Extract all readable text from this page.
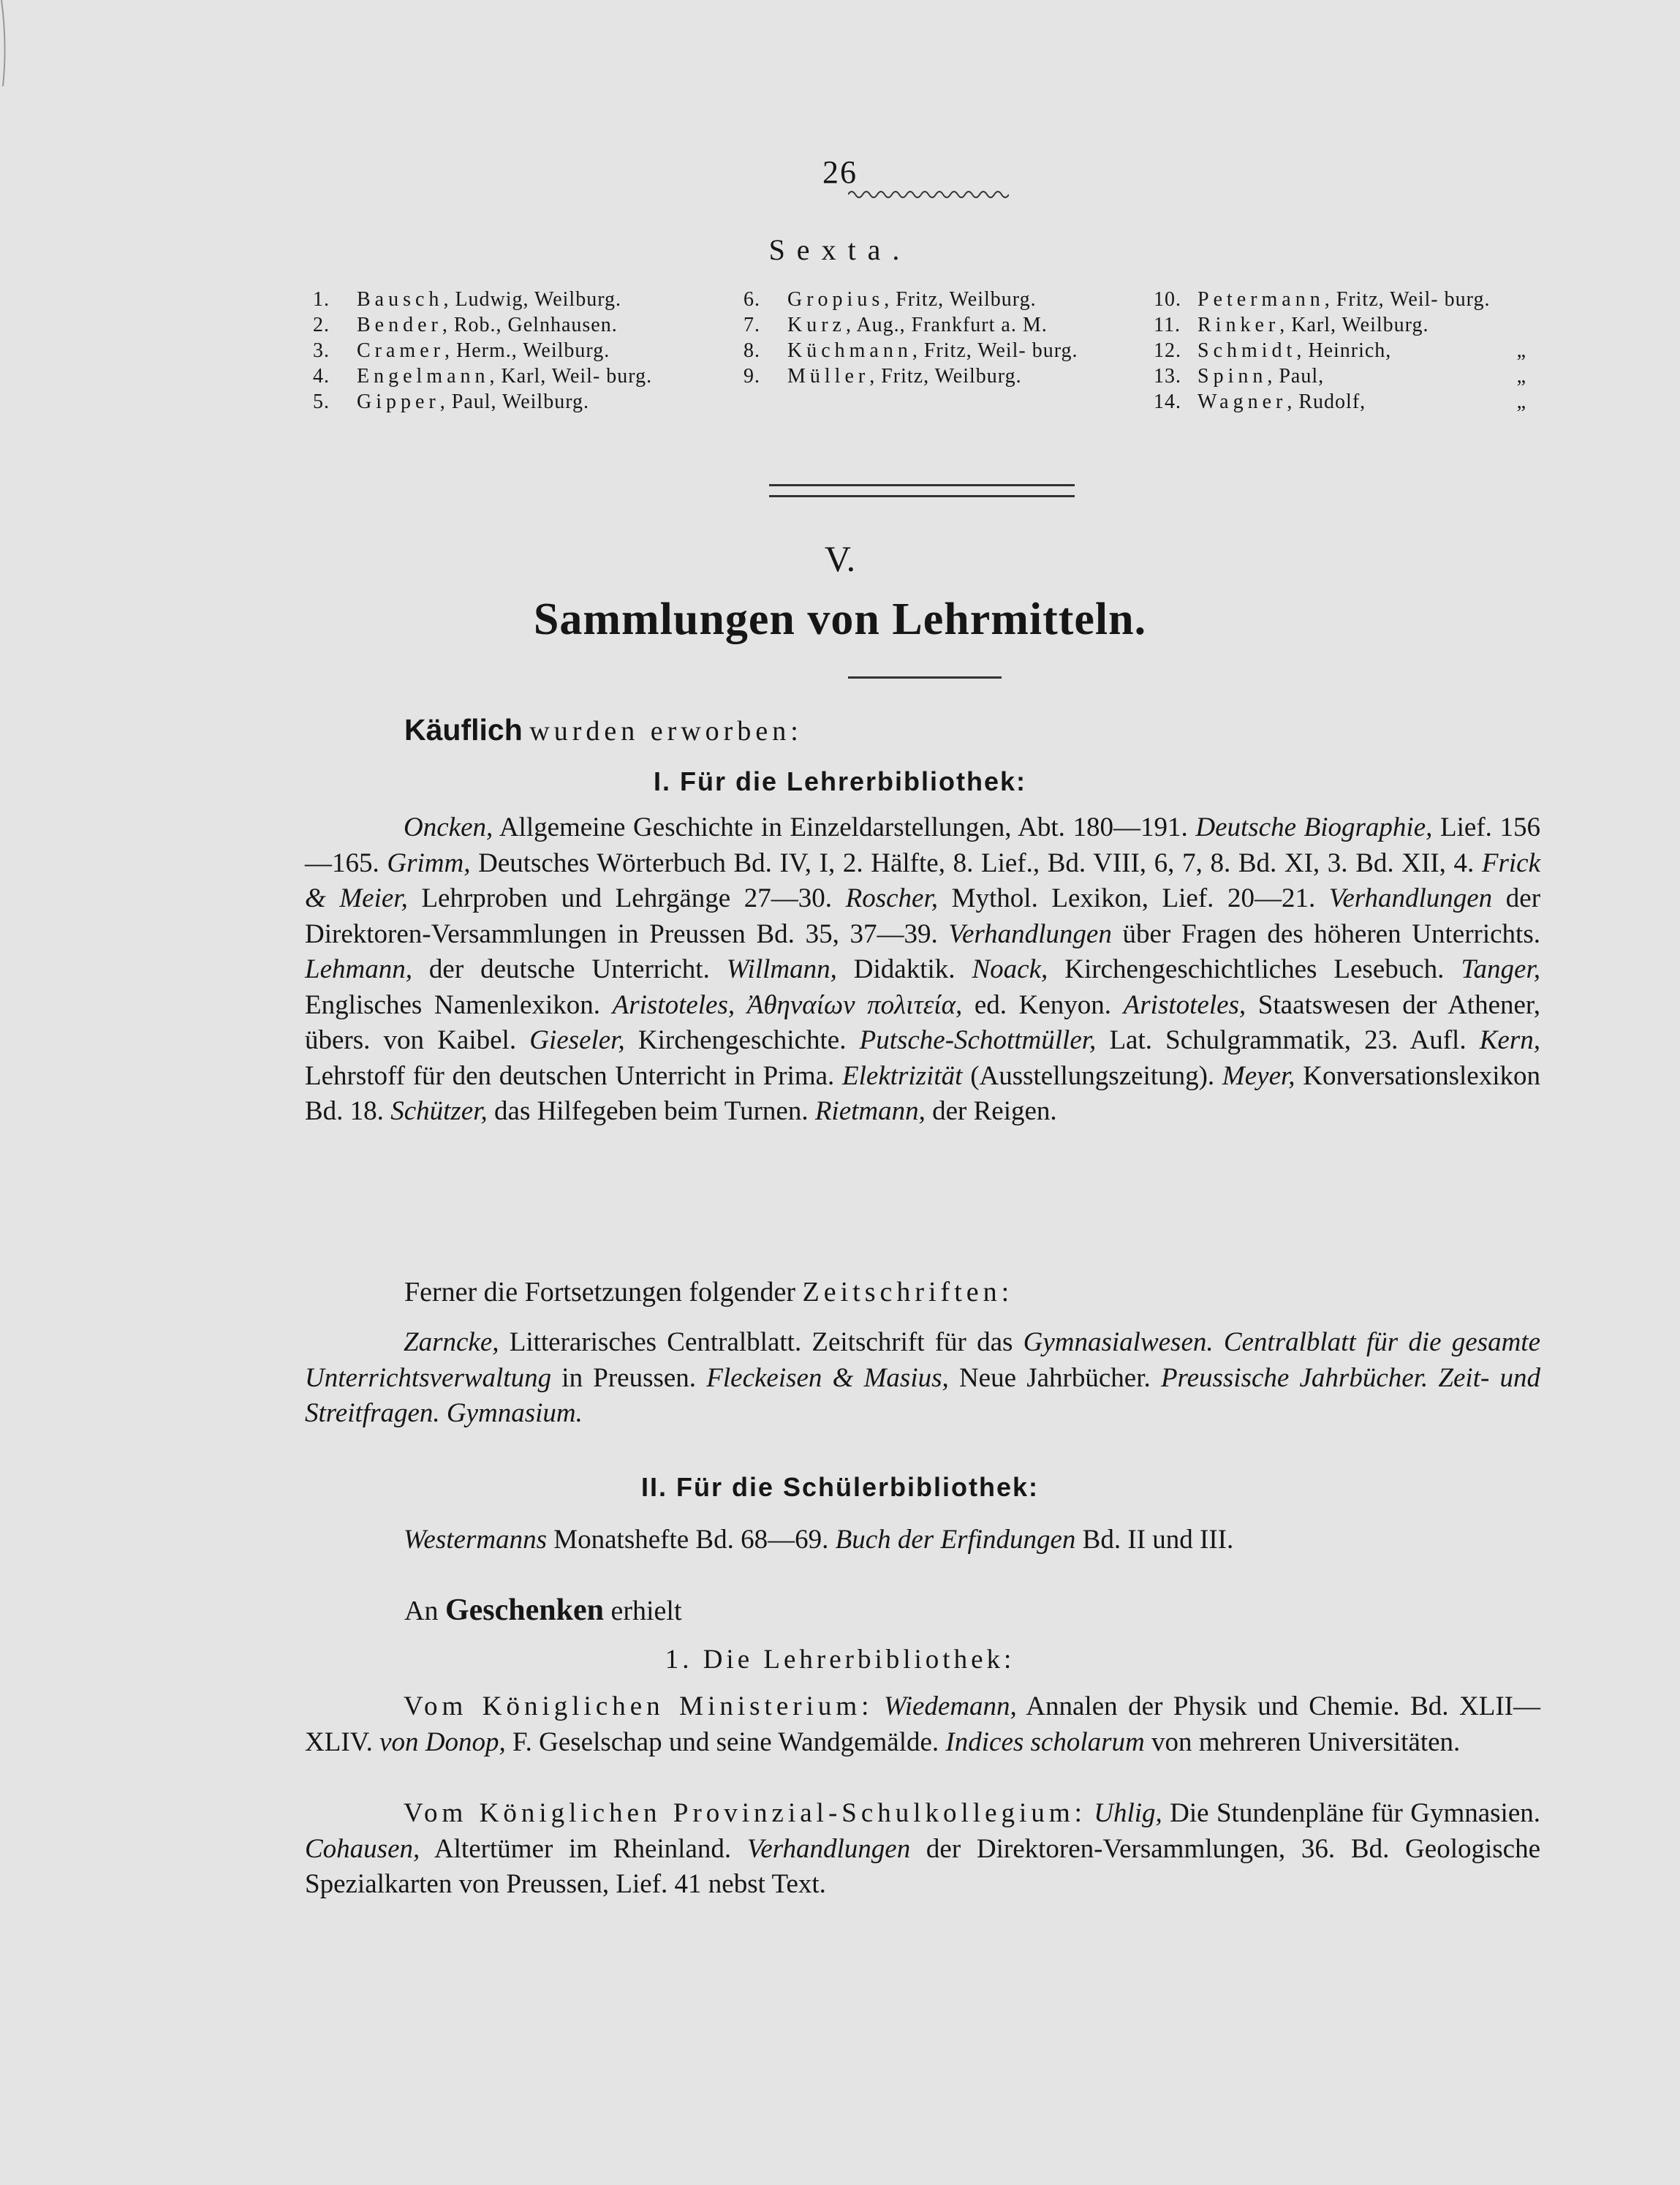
26
Sexta.
1.	Bausch, Ludwig, Weilburg.
2.	Bender, Rob., Gelnhausen.
3.	Cramer, Herm., Weilburg.
4.	Engelmann, Karl, Weil- burg.
5.	Gipper, Paul, Weilburg.
6.	Gropius, Fritz, Weilburg.
7.	Kurz, Aug., Frankfurt a. M.
8.	Küchmann, Fritz, Weil- burg.
9.	Müller, Fritz, Weilburg.
10. Petermann, Fritz, Weil- burg.
11. Rinker, Karl, Weilburg.
12. Schmidt, Heinrich,	„
13. Spinn, Paul,	„
14. Wagner, Rudolf,	„
V.
Sammlungen von Lehrmitteln.
Käuflich wurden erworben:
I. Für die Lehrerbibliothek:
Oncken, Allgemeine Geschichte in Einzeldarstellungen, Abt. 180—191. Deutsche Biographie, Lief. 156—165. Grimm, Deutsches Wörterbuch Bd. IV, I, 2. Hälfte, 8. Lief., Bd. VIII, 6, 7, 8. Bd. XI, 3. Bd. XII, 4. Frick & Meier, Lehrproben und Lehrgänge 27—30. Roscher, Mythol. Lexikon, Lief. 20—21. Verhandlungen der Direktoren-Versammlungen in Preussen Bd. 35, 37—39. Verhandlungen über Fragen des höheren Unterrichts. Lehmann, der deutsche Unterricht. Willmann, Didaktik. Noack, Kirchengeschichtliches Lesebuch. Tanger, Englisches Namenlexikon. Aristoteles, Ἀθηναίων πολιτεία, ed. Kenyon. Aristoteles, Staatswesen der Athener, übers. von Kaibel. Gieseler, Kirchengeschichte. Putsche-Schottmüller, Lat. Schulgrammatik, 23. Aufl. Kern, Lehrstoff für den deutschen Unterricht in Prima. Elektrizität (Ausstellungszeitung). Meyer, Konversationslexikon Bd. 18. Schützer, das Hilfegeben beim Turnen. Rietmann, der Reigen.
Ferner die Fortsetzungen folgender Zeitschriften:
Zarncke, Litterarisches Centralblatt. Zeitschrift für das Gymnasialwesen. Centralblatt für die gesamte Unterrichtsverwaltung in Preussen. Fleckeisen & Masius, Neue Jahrbücher. Preussische Jahrbücher. Zeit- und Streitfragen. Gymnasium.
II. Für die Schülerbibliothek:
Westermanns Monatshefte Bd. 68—69. Buch der Erfindungen Bd. II und III.
An Geschenken erhielt
1. Die Lehrerbibliothek:
Vom Königlichen Ministerium: Wiedemann, Annalen der Physik und Chemie. Bd. XLII—XLIV. von Donop, F. Geselschap und seine Wandgemälde. Indices scholarum von mehreren Universitäten.
Vom Königlichen Provinzial-Schulkollegium: Uhlig, Die Stundenpläne für Gymnasien. Cohausen, Altertümer im Rheinland. Verhandlungen der Direktoren-Versammlungen, 36. Bd. Geologische Spezialkarten von Preussen, Lief. 41 nebst Text.
